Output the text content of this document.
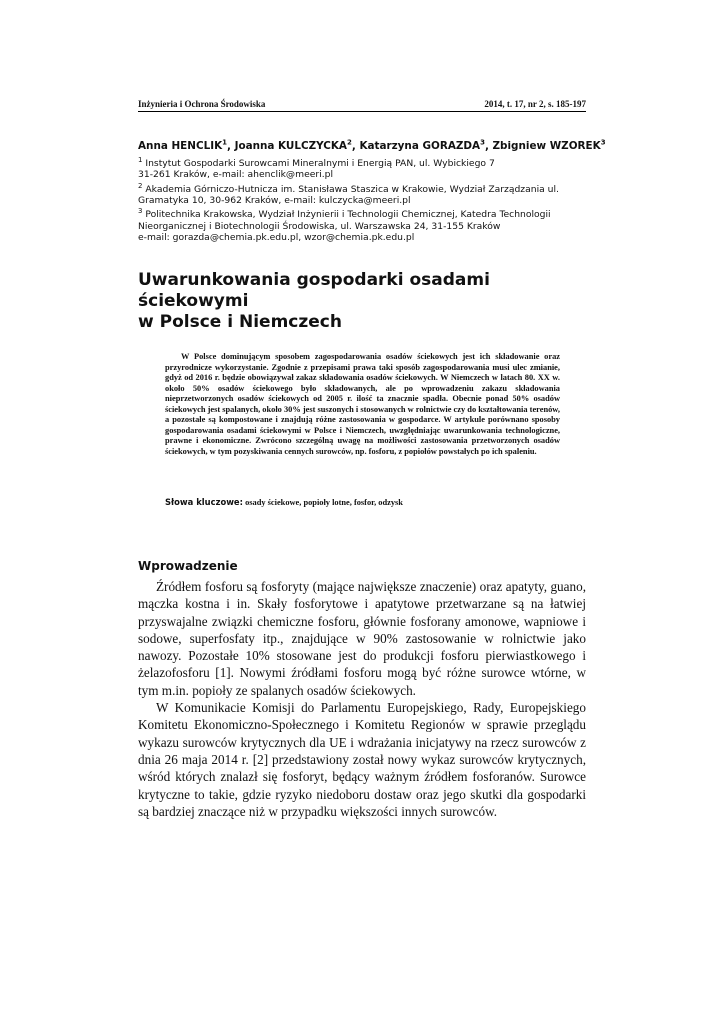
Inżynieria i Ochrona Środowiska	2014, t. 17, nr 2, s. 185-197
Anna HENCLIK$^1$, Joanna KULCZYCKA$^2$, Katarzyna GORAZDA$^3$, Zbigniew WZOREK$^3$

$^1$ Instytut Gospodarki Surowcami Mineralnymi i Energią PAN, ul. Wybickiego 7

31-261 Kraków, e-mail: ahenclik@meeri.pl

$^2$ Akademia Górniczo-Hutnicza im. Stanisława Staszica w Krakowie, Wydział Zarządzania ul.

Gramatyka 10, 30-962 Kraków, e-mail: kulczycka@meeri.pl

$^3$ Politechnika Krakowska, Wydział Inżynierii i Technologii Chemicznej, Katedra Technologii

Nieorganicznej i Biotechnologii Środowiska, ul. Warszawska 24, 31-155 Kraków

e-mail: gorazda@chemia.pk.edu.pl, wzor@chemia.pk.edu.pl

Uwarunkowania gospodarki osadami ściekowymi
w Polsce i Niemczech

W Polsce dominującym sposobem zagospodarowania osadów ściekowych jest ich składowanie oraz przyrodnicze wykorzystanie. Zgodnie z przepisami prawa taki sposób zagospodarowania musi ulec zmianie, gdyż od 2016 r. będzie obowiązywał zakaz składowania osadów ściekowych. W Niemczech w latach 80. XX w. około 50% osadów ściekowego było składowanych, ale po wprowadzeniu zakazu składowania nieprzetworzonych osadów ściekowych od 2005 r. ilość ta znacznie spadła. Obecnie ponad 50% osadów ściekowych jest spalanych, około 30% jest suszonych i stosowanych w rolnictwie czy do kształtowania terenów, a pozostałe są kompostowane i znajdują różne zastosowania w gospodarce. W artykule porównano sposoby gospodarowania osadami ściekowymi w Polsce i Niemczech, uwzględniając uwarunkowania technologiczne, prawne i ekonomiczne. Zwrócono szczególną uwagę na możliwości zastosowania przetworzonych osadów ściekowych, w tym pozyskiwania cennych surowców, np. fosforu, z popiołów powstałych po ich spaleniu.

Słowa kluczowe: osady ściekowe, popioły lotne, fosfor, odzysk
Wprowadzenie

Źródłem fosforu są fosforyty (mające największe znaczenie) oraz apatyty, guano, mączka kostna i in. Skały fosforytowe i apatytowe przetwarzane są na łatwiej przyswajalne związki chemiczne fosforu, głównie fosforany amonowe, wapniowe i sodowe, superfosfaty itp., znajdujące w 90% zastosowanie w rolnictwie jako nawozy. Pozostałe 10% stosowane jest do produkcji fosforu pierwiastkowego i żelazofosforu [1]. Nowymi źródłami fosforu mogą być różne surowce wtórne, w tym m.in. popioły ze spalanych osadów ściekowych.

W Komunikacie Komisji do Parlamentu Europejskiego, Rady, Europejskiego Komitetu Ekonomiczno-Społecznego i Komitetu Regionów w sprawie przeglądu wykazu surowców krytycznych dla UE i wdrażania inicjatywy na rzecz surowców z dnia 26 maja 2014 r. [2] przedstawiony został nowy wykaz surowców krytycznych, wśród których znalazł się fosforyt, będący ważnym źródłem fosforanów. Surowce krytyczne to takie, gdzie ryzyko niedoboru dostaw oraz jego skutki dla gospodarki są bardziej znaczące niż w przypadku większości innych surowców.
